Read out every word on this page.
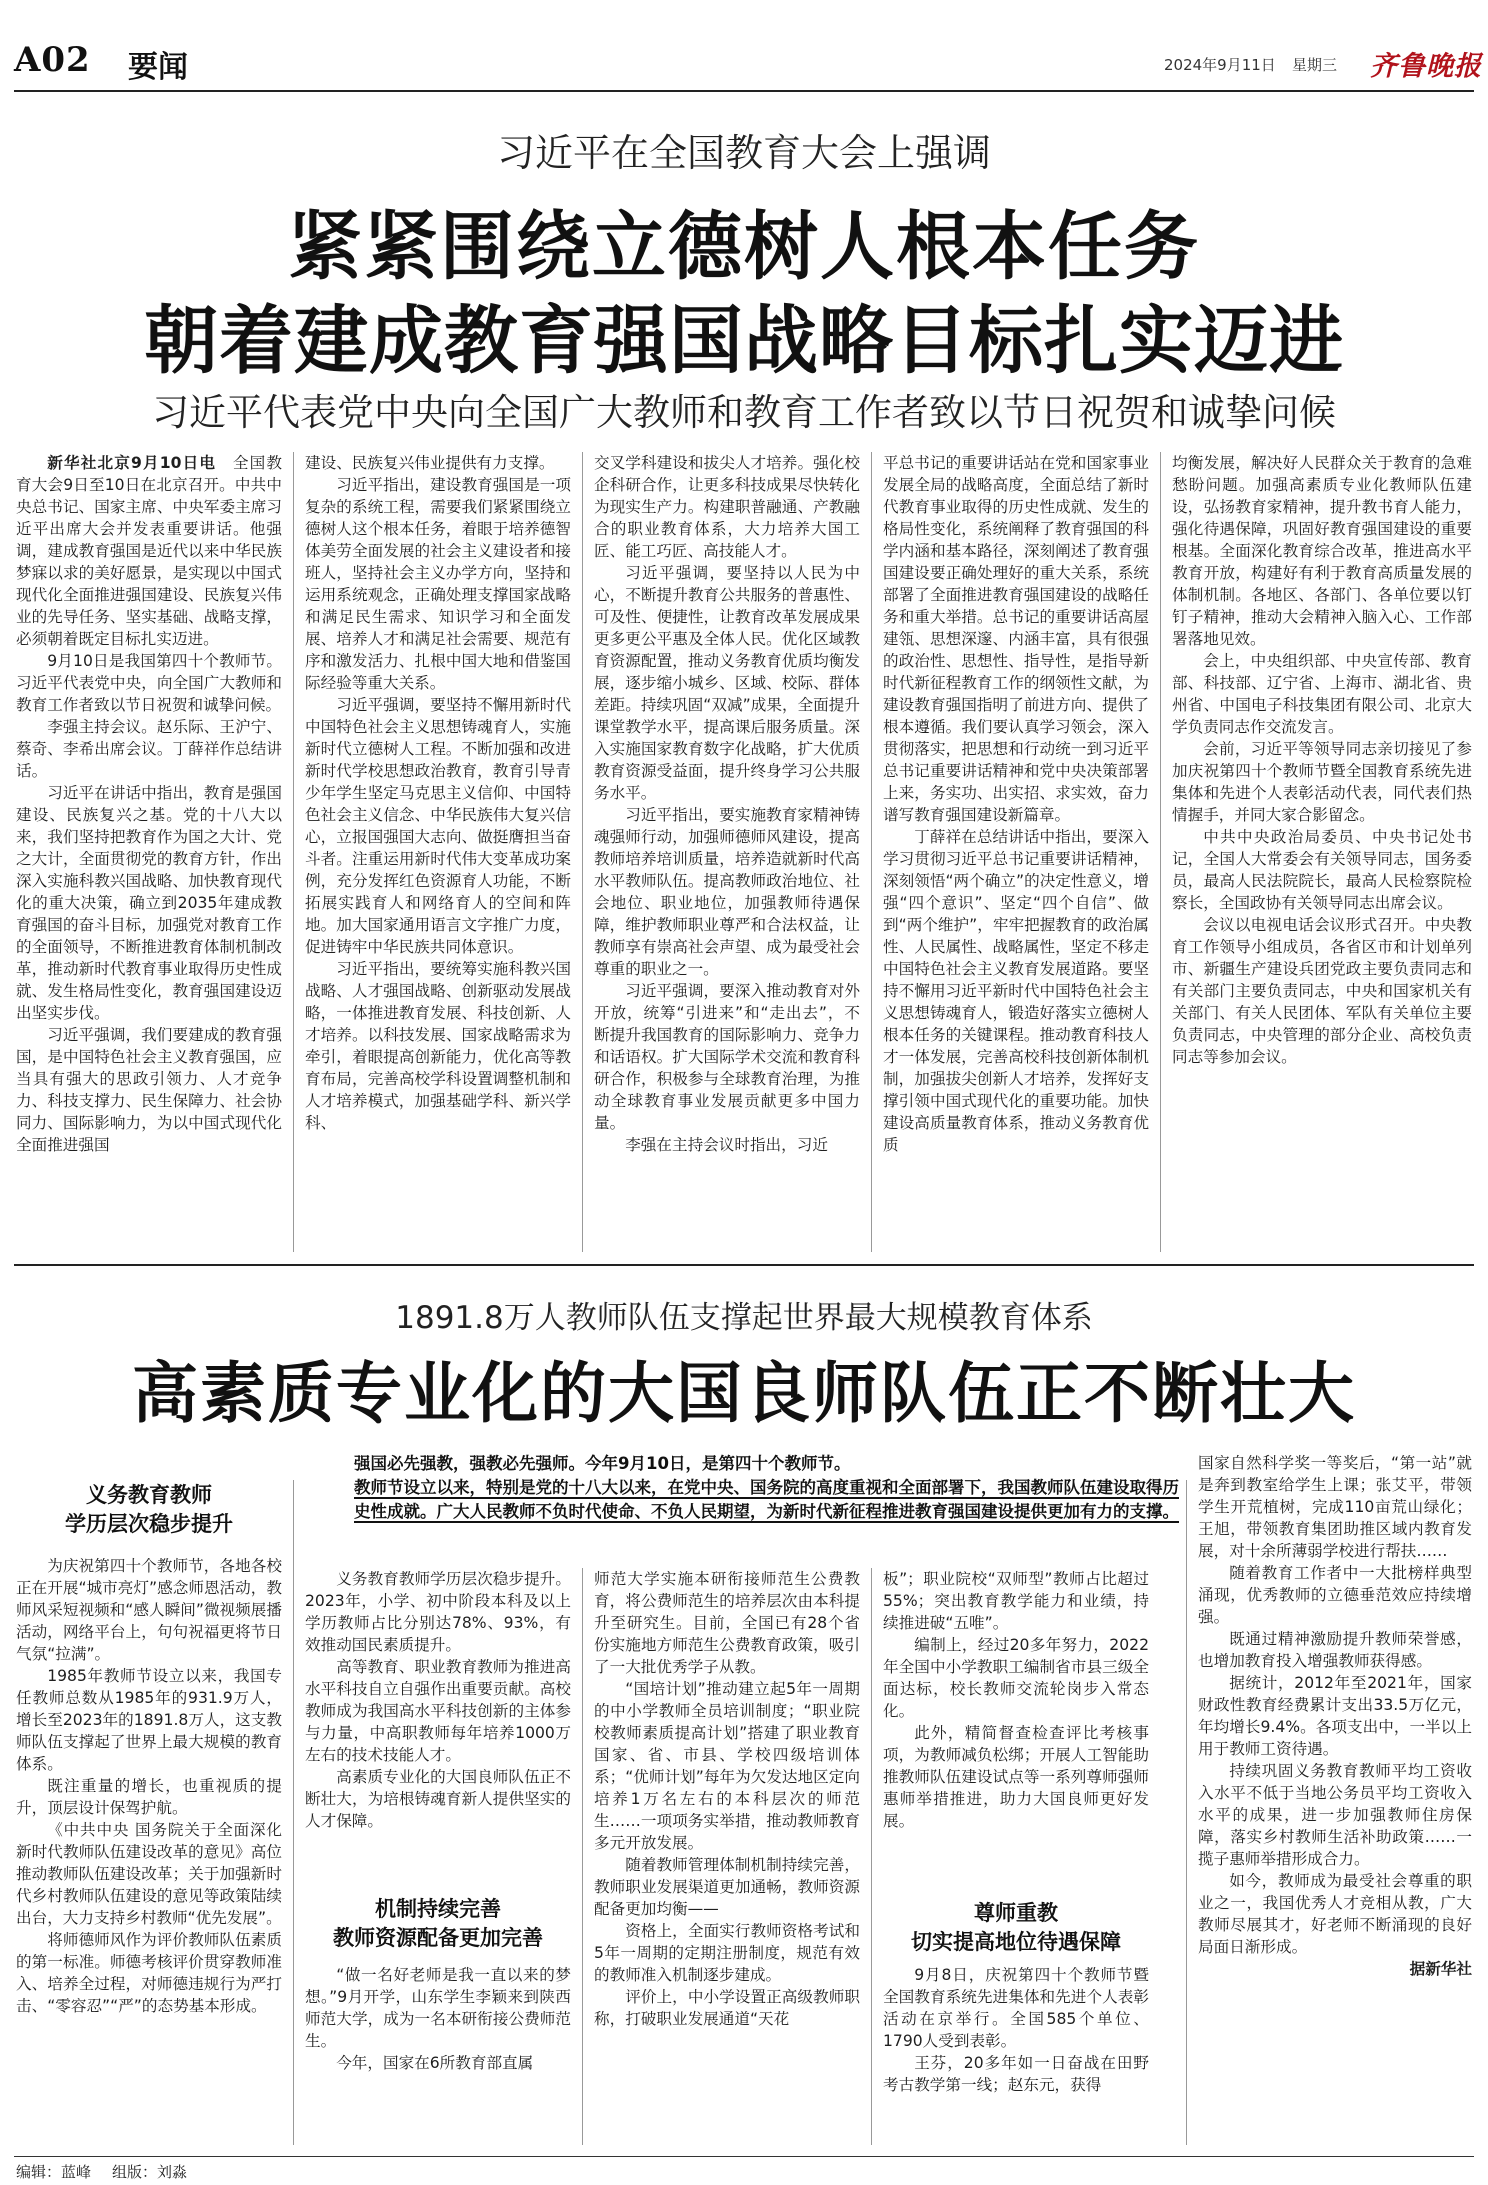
A02 要闻	2024年9月11日 星期三 齐鲁晚报
习近平在全国教育大会上强调
紧紧围绕立德树人根本任务
朝着建成教育强国战略目标扎实迈进
习近平代表党中央向全国广大教师和教育工作者致以节日祝贺和诚挚问候

新华社北京9月10日电　 全国教育大会9日至10日在北京召开。中共中央总书记、国家主席、中央军委主席习近平出席大会并发表重要讲话。他强调，建成教育强国是近代以来中华民族梦寐以求的美好愿景，是实现以中国式现代化全面推进强国建设、民族复兴伟业的先导任务、坚实基础、战略支撑，必须朝着既定目标扎实迈进。

9月10日是我国第四十个教师节。习近平代表党中央，向全国广大教师和教育工作者致以节日祝贺和诚挚问候。

李强主持会议。赵乐际、王沪宁、蔡奇、李希出席会议。丁薛祥作总结讲话。

习近平在讲话中指出，教育是强国建设、民族复兴之基。党的十八大以来，我们坚持把教育作为国之大计、党之大计，全面贯彻党的教育方针，作出深入实施科教兴国战略、加快教育现代化的重大决策，确立到2035年建成教育强国的奋斗目标，加强党对教育工作的全面领导，不断推进教育体制机制改革，推动新时代教育事业取得历史性成就、发生格局性变化，教育强国建设迈出坚实步伐。

习近平强调，我们要建成的教育强国，是中国特色社会主义教育强国，应当具有强大的思政引领力、人才竞争力、科技支撑力、民生保障力、社会协同力、国际影响力，为以中国式现代化全面推进强国

建设、民族复兴伟业提供有力支撑。

习近平指出，建设教育强国是一项复杂的系统工程，需要我们紧紧围绕立德树人这个根本任务，着眼于培养德智体美劳全面发展的社会主义建设者和接班人，坚持社会主义办学方向，坚持和运用系统观念，正确处理支撑国家战略和满足民生需求、知识学习和全面发展、培养人才和满足社会需要、规范有序和激发活力、扎根中国大地和借鉴国际经验等重大关系。

习近平强调，要坚持不懈用新时代中国特色社会主义思想铸魂育人，实施新时代立德树人工程。不断加强和改进新时代学校思想政治教育，教育引导青少年学生坚定马克思主义信仰、中国特色社会主义信念、中华民族伟大复兴信心，立报国强国大志向、做挺膺担当奋斗者。注重运用新时代伟大变革成功案例，充分发挥红色资源育人功能，不断拓展实践育人和网络育人的空间和阵地。加大国家通用语言文字推广力度，促进铸牢中华民族共同体意识。

习近平指出，要统筹实施科教兴国战略、人才强国战略、创新驱动发展战略，一体推进教育发展、科技创新、人才培养。以科技发展、国家战略需求为牵引，着眼提高创新能力，优化高等教育布局，完善高校学科设置调整机制和人才培养模式，加强基础学科、新兴学科、

交叉学科建设和拔尖人才培养。强化校企科研合作，让更多科技成果尽快转化为现实生产力。构建职普融通、产教融合的职业教育体系，大力培养大国工匠、能工巧匠、高技能人才。

习近平强调，要坚持以人民为中心，不断提升教育公共服务的普惠性、可及性、便捷性，让教育改革发展成果更多更公平惠及全体人民。优化区域教育资源配置，推动义务教育优质均衡发展，逐步缩小城乡、区域、校际、群体差距。持续巩固“双减”成果，全面提升课堂教学水平，提高课后服务质量。深入实施国家教育数字化战略，扩大优质教育资源受益面，提升终身学习公共服务水平。

习近平指出，要实施教育家精神铸魂强师行动，加强师德师风建设，提高教师培养培训质量，培养造就新时代高水平教师队伍。提高教师政治地位、社会地位、职业地位，加强教师待遇保障，维护教师职业尊严和合法权益，让教师享有崇高社会声望、成为最受社会尊重的职业之一。

习近平强调，要深入推动教育对外开放，统筹“引进来”和“走出去”，不断提升我国教育的国际影响力、竞争力和话语权。扩大国际学术交流和教育科研合作，积极参与全球教育治理，为推动全球教育事业发展贡献更多中国力量。

李强在主持会议时指出，习近

平总书记的重要讲话站在党和国家事业发展全局的战略高度，全面总结了新时代教育事业取得的历史性成就、发生的格局性变化，系统阐释了教育强国的科学内涵和基本路径，深刻阐述了教育强国建设要正确处理好的重大关系，系统部署了全面推进教育强国建设的战略任务和重大举措。总书记的重要讲话高屋建瓴、思想深邃、内涵丰富，具有很强的政治性、思想性、指导性，是指导新时代新征程教育工作的纲领性文献，为建设教育强国指明了前进方向、提供了根本遵循。我们要认真学习领会，深入贯彻落实，把思想和行动统一到习近平总书记重要讲话精神和党中央决策部署上来，务实功、出实招、求实效，奋力谱写教育强国建设新篇章。

丁薛祥在总结讲话中指出，要深入学习贯彻习近平总书记重要讲话精神，深刻领悟“两个确立”的决定性意义，增强“四个意识”、坚定“四个自信”、做到“两个维护”，牢牢把握教育的政治属性、人民属性、战略属性，坚定不移走中国特色社会主义教育发展道路。要坚持不懈用习近平新时代中国特色社会主义思想铸魂育人，锻造好落实立德树人根本任务的关键课程。推动教育科技人才一体发展，完善高校科技创新体制机制，加强拔尖创新人才培养，发挥好支撑引领中国式现代化的重要功能。加快建设高质量教育体系，推动义务教育优质

均衡发展，解决好人民群众关于教育的急难愁盼问题。加强高素质专业化教师队伍建设，弘扬教育家精神，提升教书育人能力，强化待遇保障，巩固好教育强国建设的重要根基。全面深化教育综合改革，推进高水平教育开放，构建好有利于教育高质量发展的体制机制。各地区、各部门、各单位要以钉钉子精神，推动大会精神入脑入心、工作部署落地见效。

会上，中央组织部、中央宣传部、教育部、科技部、辽宁省、上海市、湖北省、贵州省、中国电子科技集团有限公司、北京大学负责同志作交流发言。

会前，习近平等领导同志亲切接见了参加庆祝第四十个教师节暨全国教育系统先进集体和先进个人表彰活动代表，同代表们热情握手，并同大家合影留念。

中共中央政治局委员、中央书记处书记，全国人大常委会有关领导同志，国务委员，最高人民法院院长，最高人民检察院检察长，全国政协有关领导同志出席会议。

会议以电视电话会议形式召开。中央教育工作领导小组成员，各省区市和计划单列市、新疆生产建设兵团党政主要负责同志和有关部门主要负责同志，中央和国家机关有关部门、有关人民团体、军队有关单位主要负责同志，中央管理的部分企业、高校负责同志等参加会议。

1891.8万人教师队伍支撑起世界最大规模教育体系
高素质专业化的大国良师队伍正不断壮大

强国必先强教，强教必先强师。今年9月10日，是第四十个教师节。

教师节设立以来，特别是党的十八大以来，在党中央、国务院的高度重视和全面部署下，我国教师队伍建设取得历史性成就。广大人民教师不负时代使命、不负人民期望，为新时代新征程推进教育强国建设提供更加有力的支撑。

义务教育教师
学历层次稳步提升

为庆祝第四十个教师节，各地各校正在开展“城市亮灯”感念师恩活动，教师风采短视频和“感人瞬间”微视频展播活动，网络平台上，句句祝福更将节日气氛“拉满”。

1985年教师节设立以来，我国专任教师总数从1985年的931.9万人，增长至2023年的1891.8万人，这支教师队伍支撑起了世界上最大规模的教育体系。

既注重量的增长，也重视质的提升，顶层设计保驾护航。

《中共中央 国务院关于全面深化新时代教师队伍建设改革的意见》高位推动教师队伍建设改革；关于加强新时代乡村教师队伍建设的意见等政策陆续出台，大力支持乡村教师“优先发展”。

将师德师风作为评价教师队伍素质的第一标准。师德考核评价贯穿教师准入、培养全过程，对师德违规行为严打击、“零容忍”“严”的态势基本形成。

义务教育教师学历层次稳步提升。2023年，小学、初中阶段本科及以上学历教师占比分别达78%、93%，有效推动国民素质提升。

高等教育、职业教育教师为推进高水平科技自立自强作出重要贡献。高校教师成为我国高水平科技创新的主体参与力量，中高职教师每年培养1000万左右的技术技能人才。

高素质专业化的大国良师队伍正不断壮大，为培根铸魂育新人提供坚实的人才保障。

机制持续完善
教师资源配备更加完善

“做一名好老师是我一直以来的梦想。”9月开学，山东学生李颖来到陕西师范大学，成为一名本研衔接公费师范生。

今年，国家在6所教育部直属

师范大学实施本研衔接师范生公费教育，将公费师范生的培养层次由本科提升至研究生。目前，全国已有28个省份实施地方师范生公费教育政策，吸引了一大批优秀学子从教。

“国培计划”推动建立起5年一周期的中小学教师全员培训制度；“职业院校教师素质提高计划”搭建了职业教育国家、省、市县、学校四级培训体系；“优师计划”每年为欠发达地区定向培养1万名左右的本科层次的师范生……一项项务实举措，推动教师教育多元开放发展。

随着教师管理体制机制持续完善，教师职业发展渠道更加通畅，教师资源配备更加均衡——

资格上，全面实行教师资格考试和5年一周期的定期注册制度，规范有效的教师准入机制逐步建成。

评价上，中小学设置正高级教师职称，打破职业发展通道“天花

板”；职业院校“双师型”教师占比超过55%；突出教育教学能力和业绩，持续推进破“五唯”。

编制上，经过20多年努力，2022年全国中小学教职工编制省市县三级全面达标，校长教师交流轮岗步入常态化。

此外，精简督查检查评比考核事项，为教师减负松绑；开展人工智能助推教师队伍建设试点等一系列尊师强师惠师举措推进，助力大国良师更好发展。

尊师重教
切实提高地位待遇保障

9月8日，庆祝第四十个教师节暨全国教育系统先进集体和先进个人表彰活动在京举行。全国585个单位、1790人受到表彰。

王芬，20多年如一日奋战在田野考古教学第一线；赵东元，获得

国家自然科学奖一等奖后，“第一站”就是奔到教室给学生上课；张艾平，带领学生开荒植树，完成110亩荒山绿化；王旭，带领教育集团助推区域内教育发展，对十余所薄弱学校进行帮扶……

随着教育工作者中一大批榜样典型涌现，优秀教师的立德垂范效应持续增强。

既通过精神激励提升教师荣誉感，也增加教育投入增强教师获得感。

据统计，2012年至2021年，国家财政性教育经费累计支出33.5万亿元，年均增长9.4%。各项支出中，一半以上用于教师工资待遇。

持续巩固义务教育教师平均工资收入水平不低于当地公务员平均工资收入水平的成果，进一步加强教师住房保障，落实乡村教师生活补助政策……一揽子惠师举措形成合力。

如今，教师成为最受社会尊重的职业之一，我国优秀人才竞相从教，广大教师尽展其才，好老师不断涌现的良好局面日渐形成。

据新华社

编辑：蓝峰 组版：刘淼
